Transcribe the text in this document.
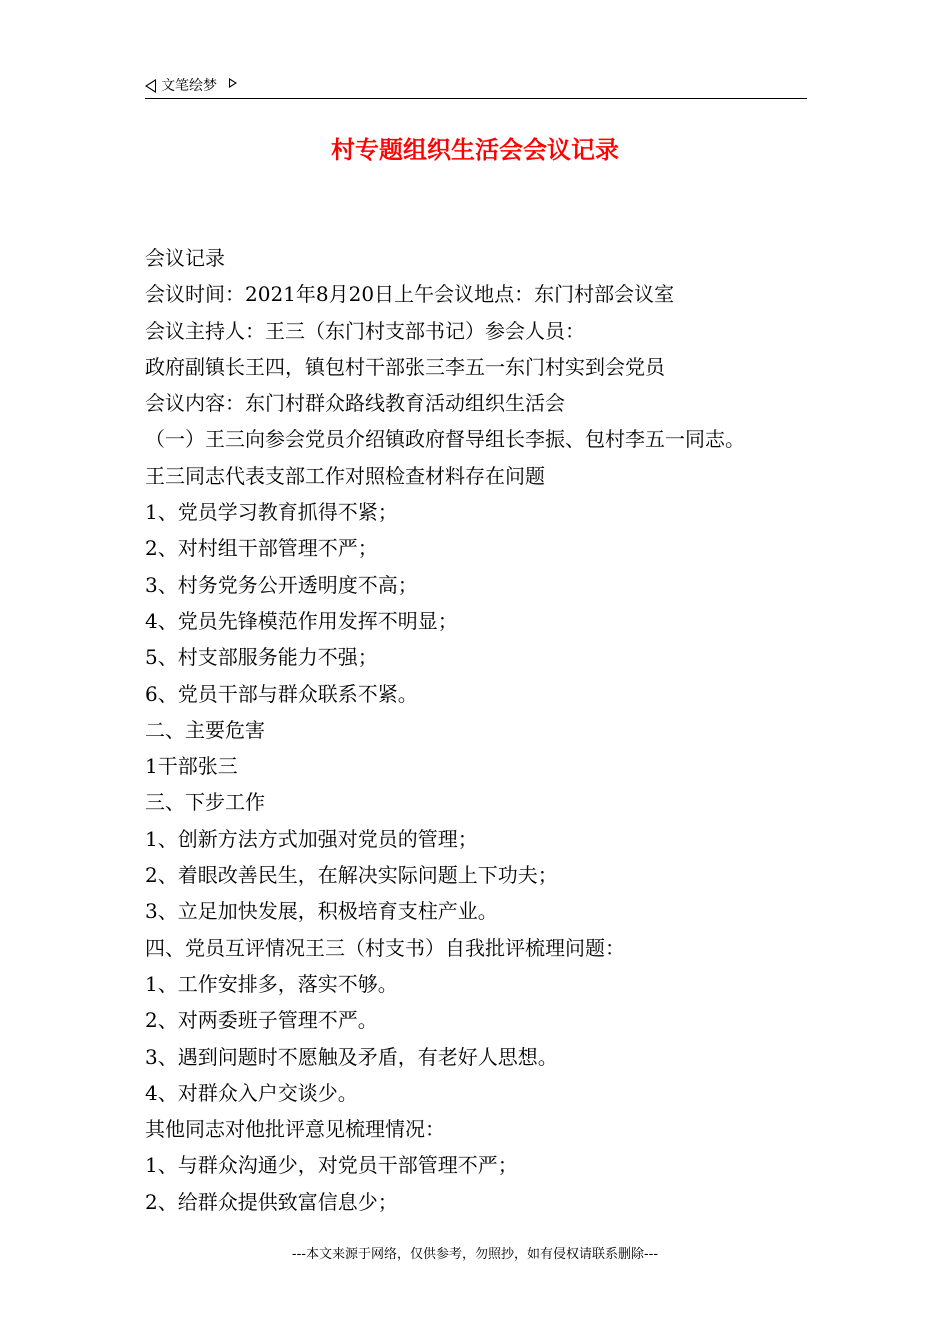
文笔绘梦
村专题组织生活会会议记录
会议记录
会议时间：2021年8月20日上午会议地点：东门村部会议室
会议主持人：王三（东门村支部书记）参会人员：
政府副镇长王四，镇包村干部张三李五一东门村实到会党员
会议内容：东门村群众路线教育活动组织生活会
（一）王三向参会党员介绍镇政府督导组长李振、包村李五一同志。
王三同志代表支部工作对照检查材料存在问题
1、党员学习教育抓得不紧；
2、对村组干部管理不严；
3、村务党务公开透明度不高；
4、党员先锋模范作用发挥不明显；
5、村支部服务能力不强；
6、党员干部与群众联系不紧。
二、主要危害
1干部张三
三、下步工作
1、创新方法方式加强对党员的管理；
2、着眼改善民生，在解决实际问题上下功夫；
3、立足加快发展，积极培育支柱产业。
四、党员互评情况王三（村支书）自我批评梳理问题：
1、工作安排多，落实不够。
2、对两委班子管理不严。
3、遇到问题时不愿触及矛盾，有老好人思想。
4、对群众入户交谈少。
其他同志对他批评意见梳理情况：
1、与群众沟通少，对党员干部管理不严；
2、给群众提供致富信息少；
---本文来源于网络，仅供参考，勿照抄，如有侵权请联系删除---
